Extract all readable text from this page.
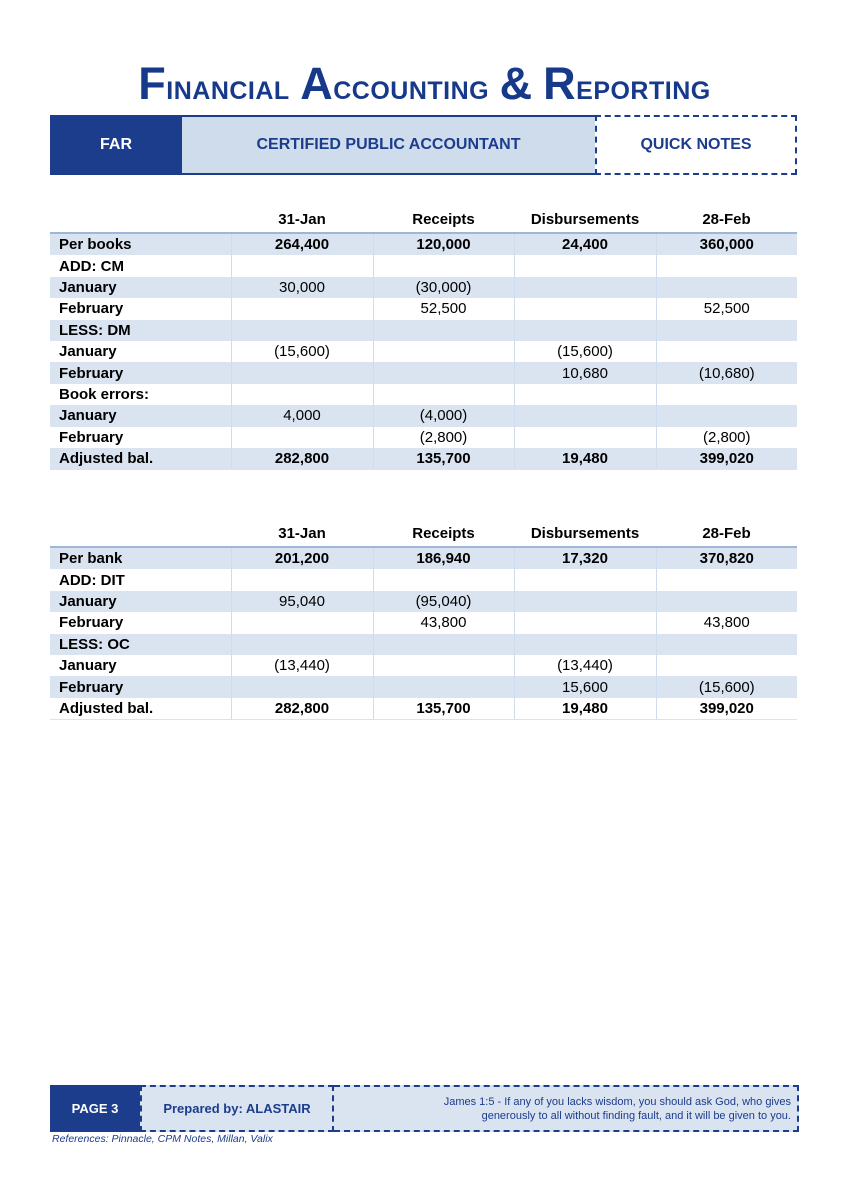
Financial Accounting & Reporting
FAR	CERTIFIED PUBLIC ACCOUNTANT	QUICK NOTES
	31-Jan	Receipts	Disbursements	28-Feb
Per books	264,400	120,000	24,400	360,000
ADD: CM				
January	30,000	(30,000)		
February		52,500		52,500
LESS: DM				
January	(15,600)		(15,600)	
February			10,680	(10,680)
Book errors:				
January	4,000	(4,000)		
February		(2,800)		(2,800)
Adjusted bal.	282,800	135,700	19,480	399,020
	31-Jan	Receipts	Disbursements	28-Feb
Per bank	201,200	186,940	17,320	370,820
ADD: DIT				
January	95,040	(95,040)		
February		43,800		43,800
LESS: OC				
January	(13,440)		(13,440)	
February			15,600	(15,600)
Adjusted bal.	282,800	135,700	19,480	399,020
PAGE 3	Prepared by: ALASTAIR	James 1:5 - If any of you lacks wisdom, you should ask God, who gives
generously to all without finding fault, and it will be given to you.
References: Pinnacle, CPM Notes, Millan, Valix
